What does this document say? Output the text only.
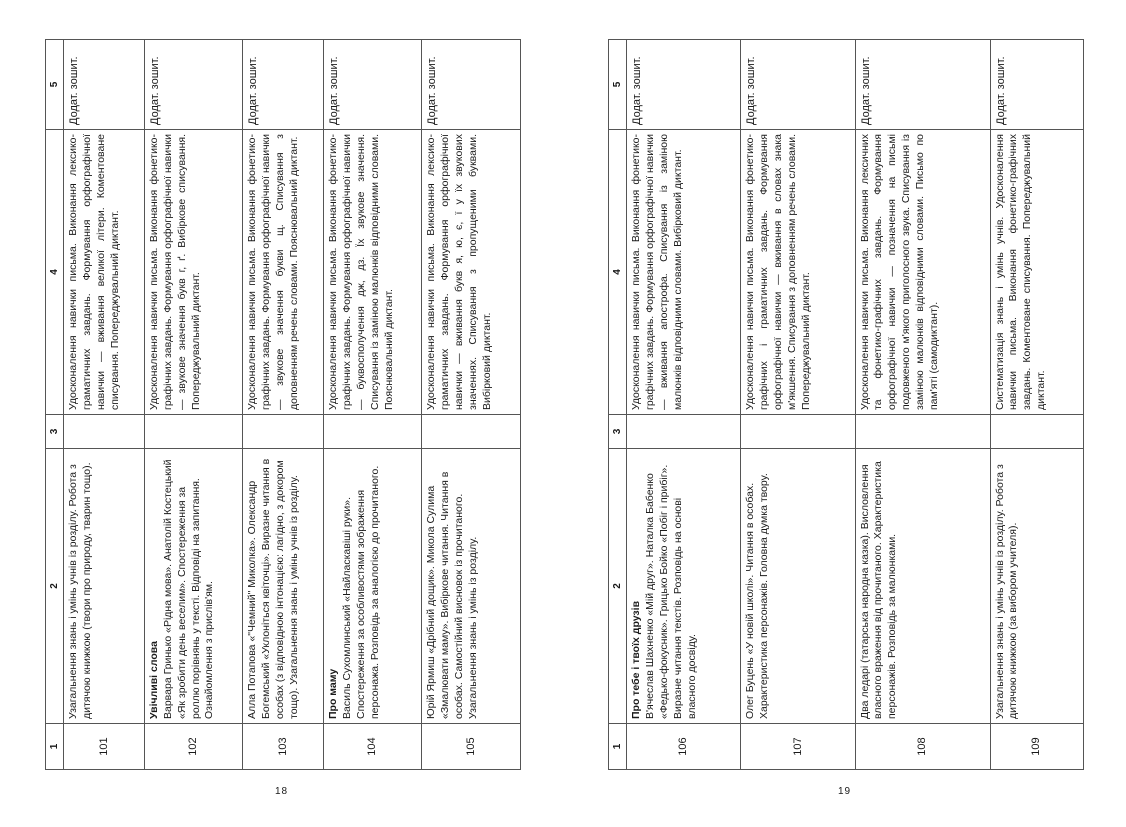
1	2	3	4	5
101	Узагальнення знань і умінь учнів із розділу. Робота з дитячою книжкою (твори про природу, тварин тощо).		Удосконалення навички письма. Виконання лексико-граматичних завдань. Формування орфографічної навички — вживання великої літери. Коментоване списування. Попереджувальний диктант.	Додат. зошит.
102	Увічливі слова Варвара Гринько «Рідна мова». Анатолій Костецький «Як зробити день веселим». Спостереження за роллю порівнянь у тексті. Відповіді на запитання. Ознайомлення з прислів'ям.		Удосконалення навички письма. Виконання фонетико-графічних завдань. Формування орфографічної навички — звукове значення букв г, ґ. Вибіркове списування. Попереджувальний диктант.	Додат. зошит.
103	Алла Потапова «"Чемний" Миколка». Олександр Богемський «Уклоніться квіточці». Виразне читання в особах (з відповідною інтонацією: лагідно, з докором тощо). Узагальнення знань і умінь учнів із розділу.		Удосконалення навички письма. Виконання фонетико-графічних завдань. Формування орфографічної навички — звукове значення букви щ. Списування з доповненням речень словами. Пояснювальний диктант.	Додат. зошит.
104	Про маму Василь Сухомлинський «Найласкавіші руки». Спостереження за особливостями зображення персонажа. Розповідь за аналогією до прочитаного.		Удосконалення навички письма. Виконання фонетико-графічних завдань. Формування орфографічної навички — буквосполучення дж, дз. Їх звукове значення. Списування із заміною малюнків відповідними словами. Пояснювальний диктант.	Додат. зошит.
105	Юрій Ярмиш «Дрібний дощик». Микола Сулима «Змалювати маму». Вибіркове читання. Читання в особах. Самостійний висновок із прочитаного. Узагальнення знань і умінь із розділу.		Удосконалення навички письма. Виконання лексико-граматичних завдань. Формування орфографічної навички — вживання букв я, ю, є, ї у їх звукових значеннях. Списування з пропущеними буквами. Вибірковий диктант.	Додат. зошит.
18
1	2	3	4	5
106	Про тебе і твоїх друзів В'ячеслав Шахненко «Мій друг». Наталка Бабенко «Федько-фокусник». Грицько Бойко «Побіг і прибіг». Виразне читання текстів. Розповідь на основі власного досвіду.		Удосконалення навички письма. Виконання фонетико-графічних завдань. Формування орфографічної навички — вживання апострофа. Списування із заміною малюнків відповідними словами. Вибірковий диктант.	Додат. зошит.
107	Олег Буцень «У новій школі». Читання в особах. Характеристика персонажів. Головна думка твору.		Удосконалення навички письма. Виконання фонетико-графічних і граматичних завдань. Формування орфографічної навички — вживання в словах знака м'якшення. Списування з доповненням речень словами. Попереджувальний диктант.	Додат. зошит.
108	Два ледарі (татарська народна казка). Висловлення власного враження від прочитаного. Характеристика персонажів. Розповідь за малюнками.		Удосконалення навички письма. Виконання лексичних та фонетико-графічних завдань. Формування орфографічної навички — позначення на письмі подовженого м'якого приголосного звука. Списування із заміною малюнків відповідними словами. Письмо по пам'яті (самодиктант).	Додат. зошит.
109	Узагальнення знань і умінь учнів із розділу. Робота з дитячою книжкою (за вибором учителя).		Систематизація знань і умінь учнів. Удосконалення навички письма. Виконання фонетико-графічних завдань. Коментоване списування. Попереджувальний диктант.	Додат. зошит.
19
